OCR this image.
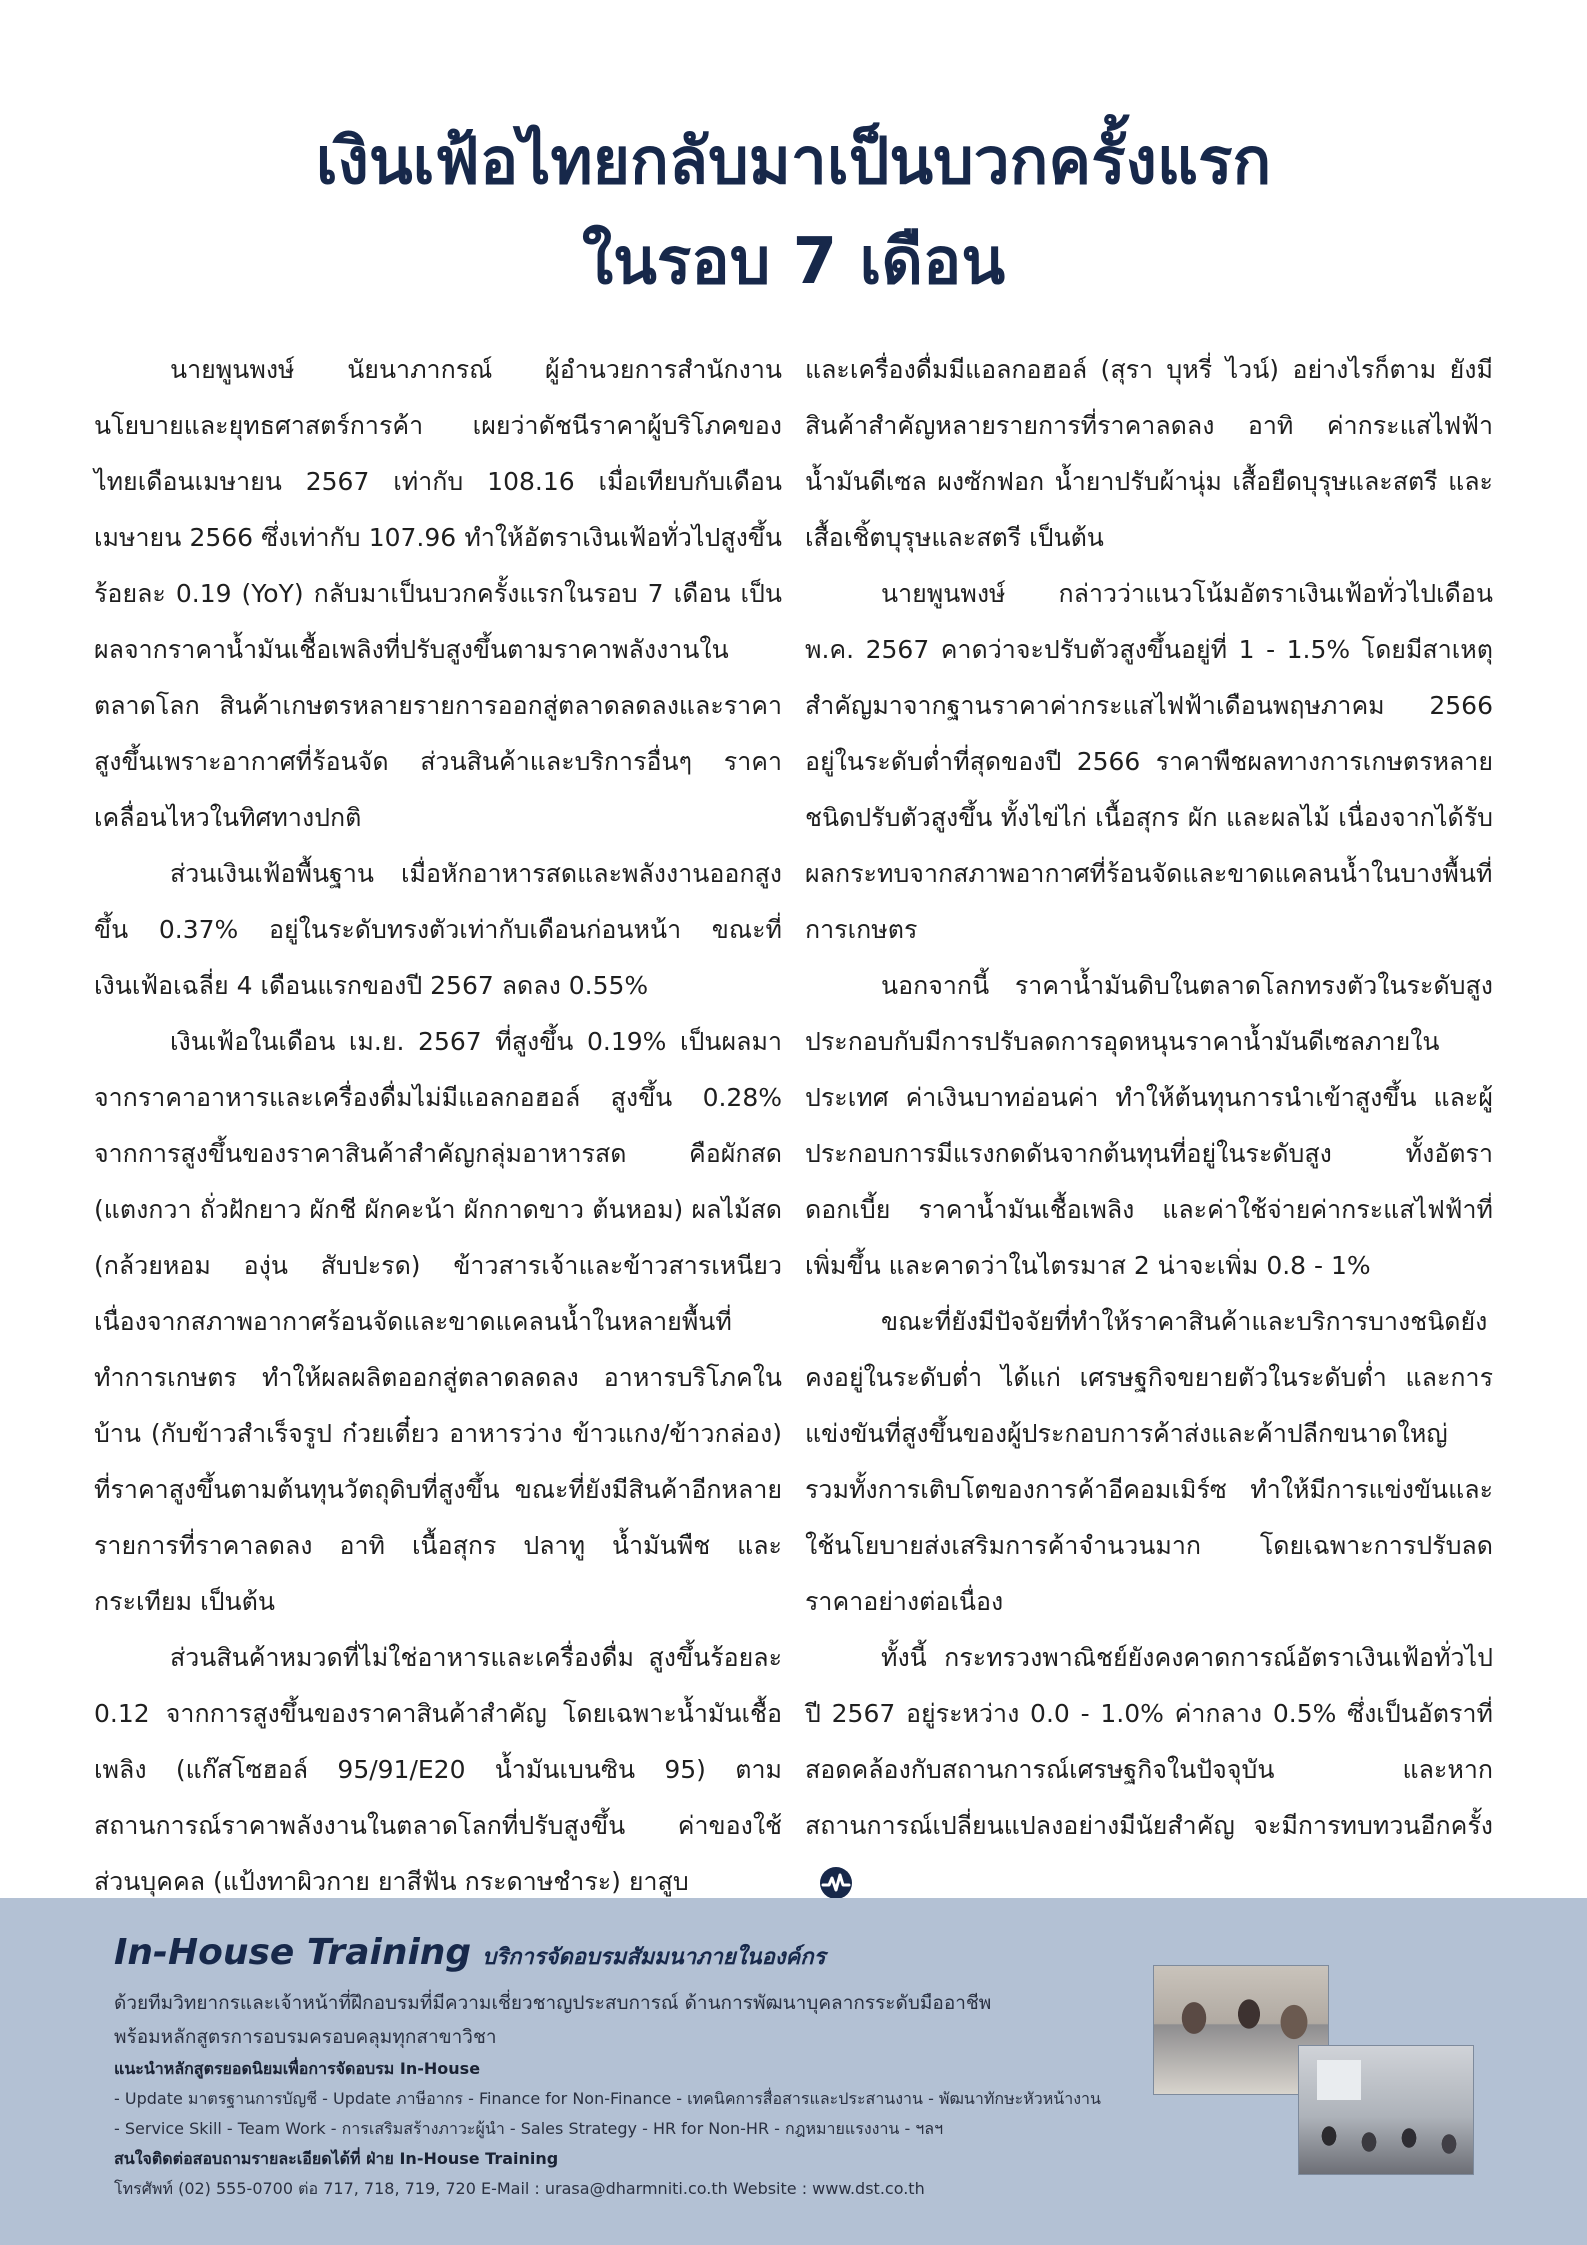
เงินเฟ้อไทยกลับมาเป็นบวกครั้งแรก
ในรอบ 7 เดือน

นายพูนพงษ์ นัยนาภากรณ์ ผู้อำนวยการสำนักงานนโยบายและยุทธศาสตร์การค้า เผยว่าดัชนีราคาผู้บริโภคของไทยเดือนเมษายน 2567 เท่ากับ 108.16 เมื่อเทียบกับเดือนเมษายน 2566 ซึ่งเท่ากับ 107.96 ทำให้อัตราเงินเฟ้อทั่วไปสูงขึ้นร้อยละ 0.19 (YoY) กลับมาเป็นบวกครั้งแรกในรอบ 7 เดือน เป็นผลจากราคาน้ำมันเชื้อเพลิงที่ปรับสูงขึ้นตามราคาพลังงานในตลาดโลก สินค้าเกษตรหลายรายการออกสู่ตลาดลดลงและราคาสูงขึ้นเพราะอากาศที่ร้อนจัด ส่วนสินค้าและบริการอื่นๆ ราคาเคลื่อนไหวในทิศทางปกติ

ส่วนเงินเฟ้อพื้นฐาน เมื่อหักอาหารสดและพลังงานออกสูงขึ้น 0.37% อยู่ในระดับทรงตัวเท่ากับเดือนก่อนหน้า ขณะที่เงินเฟ้อเฉลี่ย 4 เดือนแรกของปี 2567 ลดลง 0.55%

เงินเฟ้อในเดือน เม.ย. 2567 ที่สูงขึ้น 0.19% เป็นผลมาจากราคาอาหารและเครื่องดื่มไม่มีแอลกอฮอล์ สูงขึ้น 0.28% จากการสูงขึ้นของราคาสินค้าสำคัญกลุ่มอาหารสด คือผักสด (แตงกวา ถั่วฝักยาว ผักชี ผักคะน้า ผักกาดขาว ต้นหอม) ผลไม้สด (กล้วยหอม องุ่น สับปะรด) ข้าวสารเจ้าและข้าวสารเหนียว เนื่องจากสภาพอากาศร้อนจัดและขาดแคลนน้ำในหลายพื้นที่ทำการเกษตร ทำให้ผลผลิตออกสู่ตลาดลดลง อาหารบริโภคในบ้าน (กับข้าวสำเร็จรูป ก๋วยเตี๋ยว อาหารว่าง ข้าวแกง/ข้าวกล่อง) ที่ราคาสูงขึ้นตามต้นทุนวัตถุดิบที่สูงขึ้น ขณะที่ยังมีสินค้าอีกหลายรายการที่ราคาลดลง อาทิ เนื้อสุกร ปลาทู น้ำมันพืช และกระเทียม เป็นต้น

ส่วนสินค้าหมวดที่ไม่ใช่อาหารและเครื่องดื่ม สูงขึ้นร้อยละ 0.12 จากการสูงขึ้นของราคาสินค้าสำคัญ โดยเฉพาะน้ำมันเชื้อเพลิง (แก๊สโซฮอล์ 95/91/E20 น้ำมันเบนซิน 95) ตามสถานการณ์ราคาพลังงานในตลาดโลกที่ปรับสูงขึ้น ค่าของใช้ส่วนบุคคล (แป้งทาผิวกาย ยาสีฟัน กระดาษชำระ) ยาสูบ

และเครื่องดื่มมีแอลกอฮอล์ (สุรา บุหรี่ ไวน์) อย่างไรก็ตาม ยังมีสินค้าสำคัญหลายรายการที่ราคาลดลง อาทิ ค่ากระแสไฟฟ้า น้ำมันดีเซล ผงซักฟอก น้ำยาปรับผ้านุ่ม เสื้อยืดบุรุษและสตรี และเสื้อเชิ้ตบุรุษและสตรี เป็นต้น

นายพูนพงษ์ กล่าวว่าแนวโน้มอัตราเงินเฟ้อทั่วไปเดือน พ.ค. 2567 คาดว่าจะปรับตัวสูงขึ้นอยู่ที่ 1 - 1.5% โดยมีสาเหตุสำคัญมาจากฐานราคาค่ากระแสไฟฟ้าเดือนพฤษภาคม 2566 อยู่ในระดับต่ำที่สุดของปี 2566 ราคาพืชผลทางการเกษตรหลายชนิดปรับตัวสูงขึ้น ทั้งไข่ไก่ เนื้อสุกร ผัก และผลไม้ เนื่องจากได้รับผลกระทบจากสภาพอากาศที่ร้อนจัดและขาดแคลนน้ำในบางพื้นที่การเกษตร

นอกจากนี้ ราคาน้ำมันดิบในตลาดโลกทรงตัวในระดับสูง ประกอบกับมีการปรับลดการอุดหนุนราคาน้ำมันดีเซลภายในประเทศ ค่าเงินบาทอ่อนค่า ทำให้ต้นทุนการนำเข้าสูงขึ้น และผู้ประกอบการมีแรงกดดันจากต้นทุนที่อยู่ในระดับสูง ทั้งอัตราดอกเบี้ย ราคาน้ำมันเชื้อเพลิง และค่าใช้จ่ายค่ากระแสไฟฟ้าที่เพิ่มขึ้น และคาดว่าในไตรมาส 2 น่าจะเพิ่ม 0.8 - 1%

ขณะที่ยังมีปัจจัยที่ทำให้ราคาสินค้าและบริการบางชนิดยังคงอยู่ในระดับต่ำ ได้แก่ เศรษฐกิจขยายตัวในระดับต่ำ และการแข่งขันที่สูงขึ้นของผู้ประกอบการค้าส่งและค้าปลีกขนาดใหญ่ รวมทั้งการเติบโตของการค้าอีคอมเมิร์ซ ทำให้มีการแข่งขันและใช้นโยบายส่งเสริมการค้าจำนวนมาก โดยเฉพาะการปรับลดราคาอย่างต่อเนื่อง

ทั้งนี้ กระทรวงพาณิชย์ยังคงคาดการณ์อัตราเงินเฟ้อทั่วไปปี 2567 อยู่ระหว่าง 0.0 - 1.0% ค่ากลาง 0.5% ซึ่งเป็นอัตราที่สอดคล้องกับสถานการณ์เศรษฐกิจในปัจจุบัน และหากสถานการณ์เปลี่ยนแปลงอย่างมีนัยสำคัญ จะมีการทบทวนอีกครั้ง

In-House Training บริการจัดอบรมสัมมนาภายในองค์กร
ด้วยทีมวิทยากรและเจ้าหน้าที่ฝึกอบรมที่มีความเชี่ยวชาญประสบการณ์ ด้านการพัฒนาบุคลากรระดับมืออาชีพ
พร้อมหลักสูตรการอบรมครอบคลุมทุกสาขาวิชา
แนะนำหลักสูตรยอดนิยมเพื่อการจัดอบรม In-House
- Update มาตรฐานการบัญชี - Update ภาษีอากร - Finance for Non-Finance - เทคนิคการสื่อสารและประสานงาน - พัฒนาทักษะหัวหน้างาน
- Service Skill - Team Work - การเสริมสร้างภาวะผู้นำ - Sales Strategy - HR for Non-HR - กฎหมายแรงงาน - ฯลฯ
สนใจติดต่อสอบถามรายละเอียดได้ที่ ฝ่าย In-House Training
โทรศัพท์ (02) 555-0700 ต่อ 717, 718, 719, 720 E-Mail : urasa@dharmniti.co.th Website : www.dst.co.th
